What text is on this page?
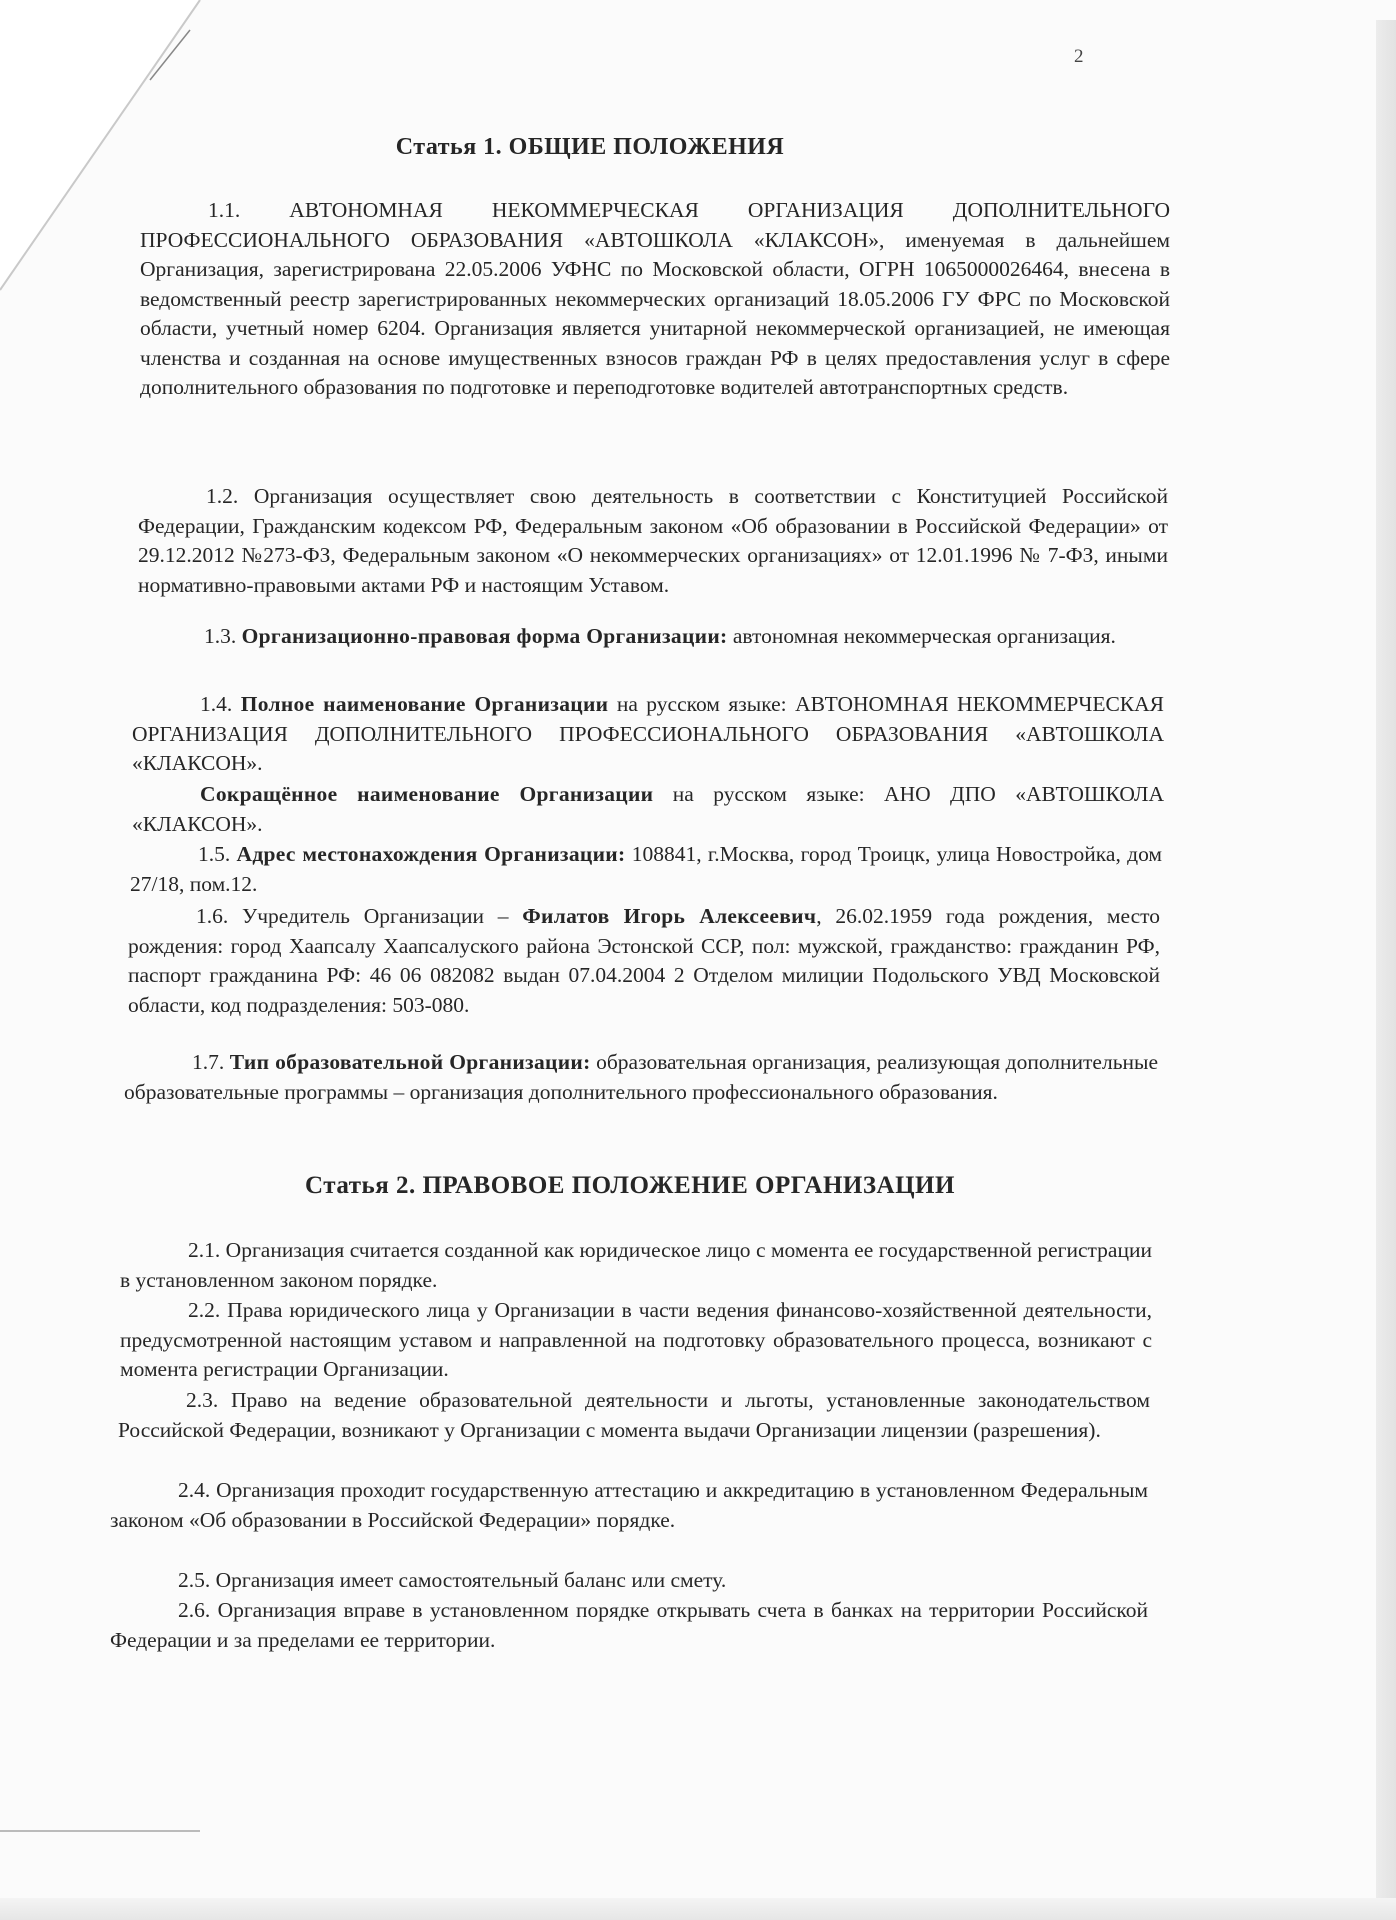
2
Статья 1. ОБЩИЕ ПОЛОЖЕНИЯ

1.1. АВТОНОМНАЯ НЕКОММЕРЧЕСКАЯ ОРГАНИЗАЦИЯ ДОПОЛНИТЕЛЬНОГО ПРОФЕССИОНАЛЬНОГО ОБРАЗОВАНИЯ «АВТОШКОЛА «КЛАКСОН», именуемая в дальнейшем Организация, зарегистрирована 22.05.2006 УФНС по Московской области, ОГРН 1065000026464, внесена в ведомственный реестр зарегистрированных некоммерческих организаций 18.05.2006 ГУ ФРС по Московской области, учетный номер 6204. Организация является унитарной некоммерческой организацией, не имеющая членства и созданная на основе имущественных взносов граждан РФ в целях предоставления услуг в сфере дополнительного образования по подготовке и переподготовке водителей автотранспортных средств.

1.2. Организация осуществляет свою деятельность в соответствии с Конституцией Российской Федерации, Гражданским кодексом РФ, Федеральным законом «Об образовании в Российской Федерации» от 29.12.2012 №273-ФЗ, Федеральным законом «О некоммерческих организациях» от 12.01.1996 № 7-ФЗ, иными нормативно-правовыми актами РФ и настоящим Уставом.

1.3. Организационно-правовая форма Организации: автономная некоммерческая организация.

1.4. Полное наименование Организации на русском языке: АВТОНОМНАЯ НЕКОММЕРЧЕСКАЯ ОРГАНИЗАЦИЯ ДОПОЛНИТЕЛЬНОГО ПРОФЕССИОНАЛЬНОГО ОБРАЗОВАНИЯ «АВТОШКОЛА «КЛАКСОН».

Сокращённое наименование Организации на русском языке: АНО ДПО «АВТОШКОЛА «КЛАКСОН».

1.5. Адрес местонахождения Организации: 108841, г.Москва, город Троицк, улица Новостройка, дом 27/18, пом.12.

1.6. Учредитель Организации – Филатов Игорь Алексеевич, 26.02.1959 года рождения, место рождения: город Хаапсалу Хаапсалуского района Эстонской ССР, пол: мужской, гражданство: гражданин РФ, паспорт гражданина РФ: 46 06 082082 выдан 07.04.2004 2 Отделом милиции Подольского УВД Московской области, код подразделения: 503-080.

1.7. Тип образовательной Организации: образовательная организация, реализующая дополнительные образовательные программы – организация дополнительного профессионального образования.

Статья 2. ПРАВОВОЕ ПОЛОЖЕНИЕ ОРГАНИЗАЦИИ

2.1. Организация считается созданной как юридическое лицо с момента ее государственной регистрации в установленном законом порядке.

2.2. Права юридического лица у Организации в части ведения финансово-хозяйственной деятельности, предусмотренной настоящим уставом и направленной на подготовку образовательного процесса, возникают с момента регистрации Организации.

2.3. Право на ведение образовательной деятельности и льготы, установленные законодательством Российской Федерации, возникают у Организации с момента выдачи Организации лицензии (разрешения).

2.4. Организация проходит государственную аттестацию и аккредитацию в установленном Федеральным законом «Об образовании в Российской Федерации» порядке.

2.5. Организация имеет самостоятельный баланс или смету.

2.6. Организация вправе в установленном порядке открывать счета в банках на территории Российской Федерации и за пределами ее территории.
